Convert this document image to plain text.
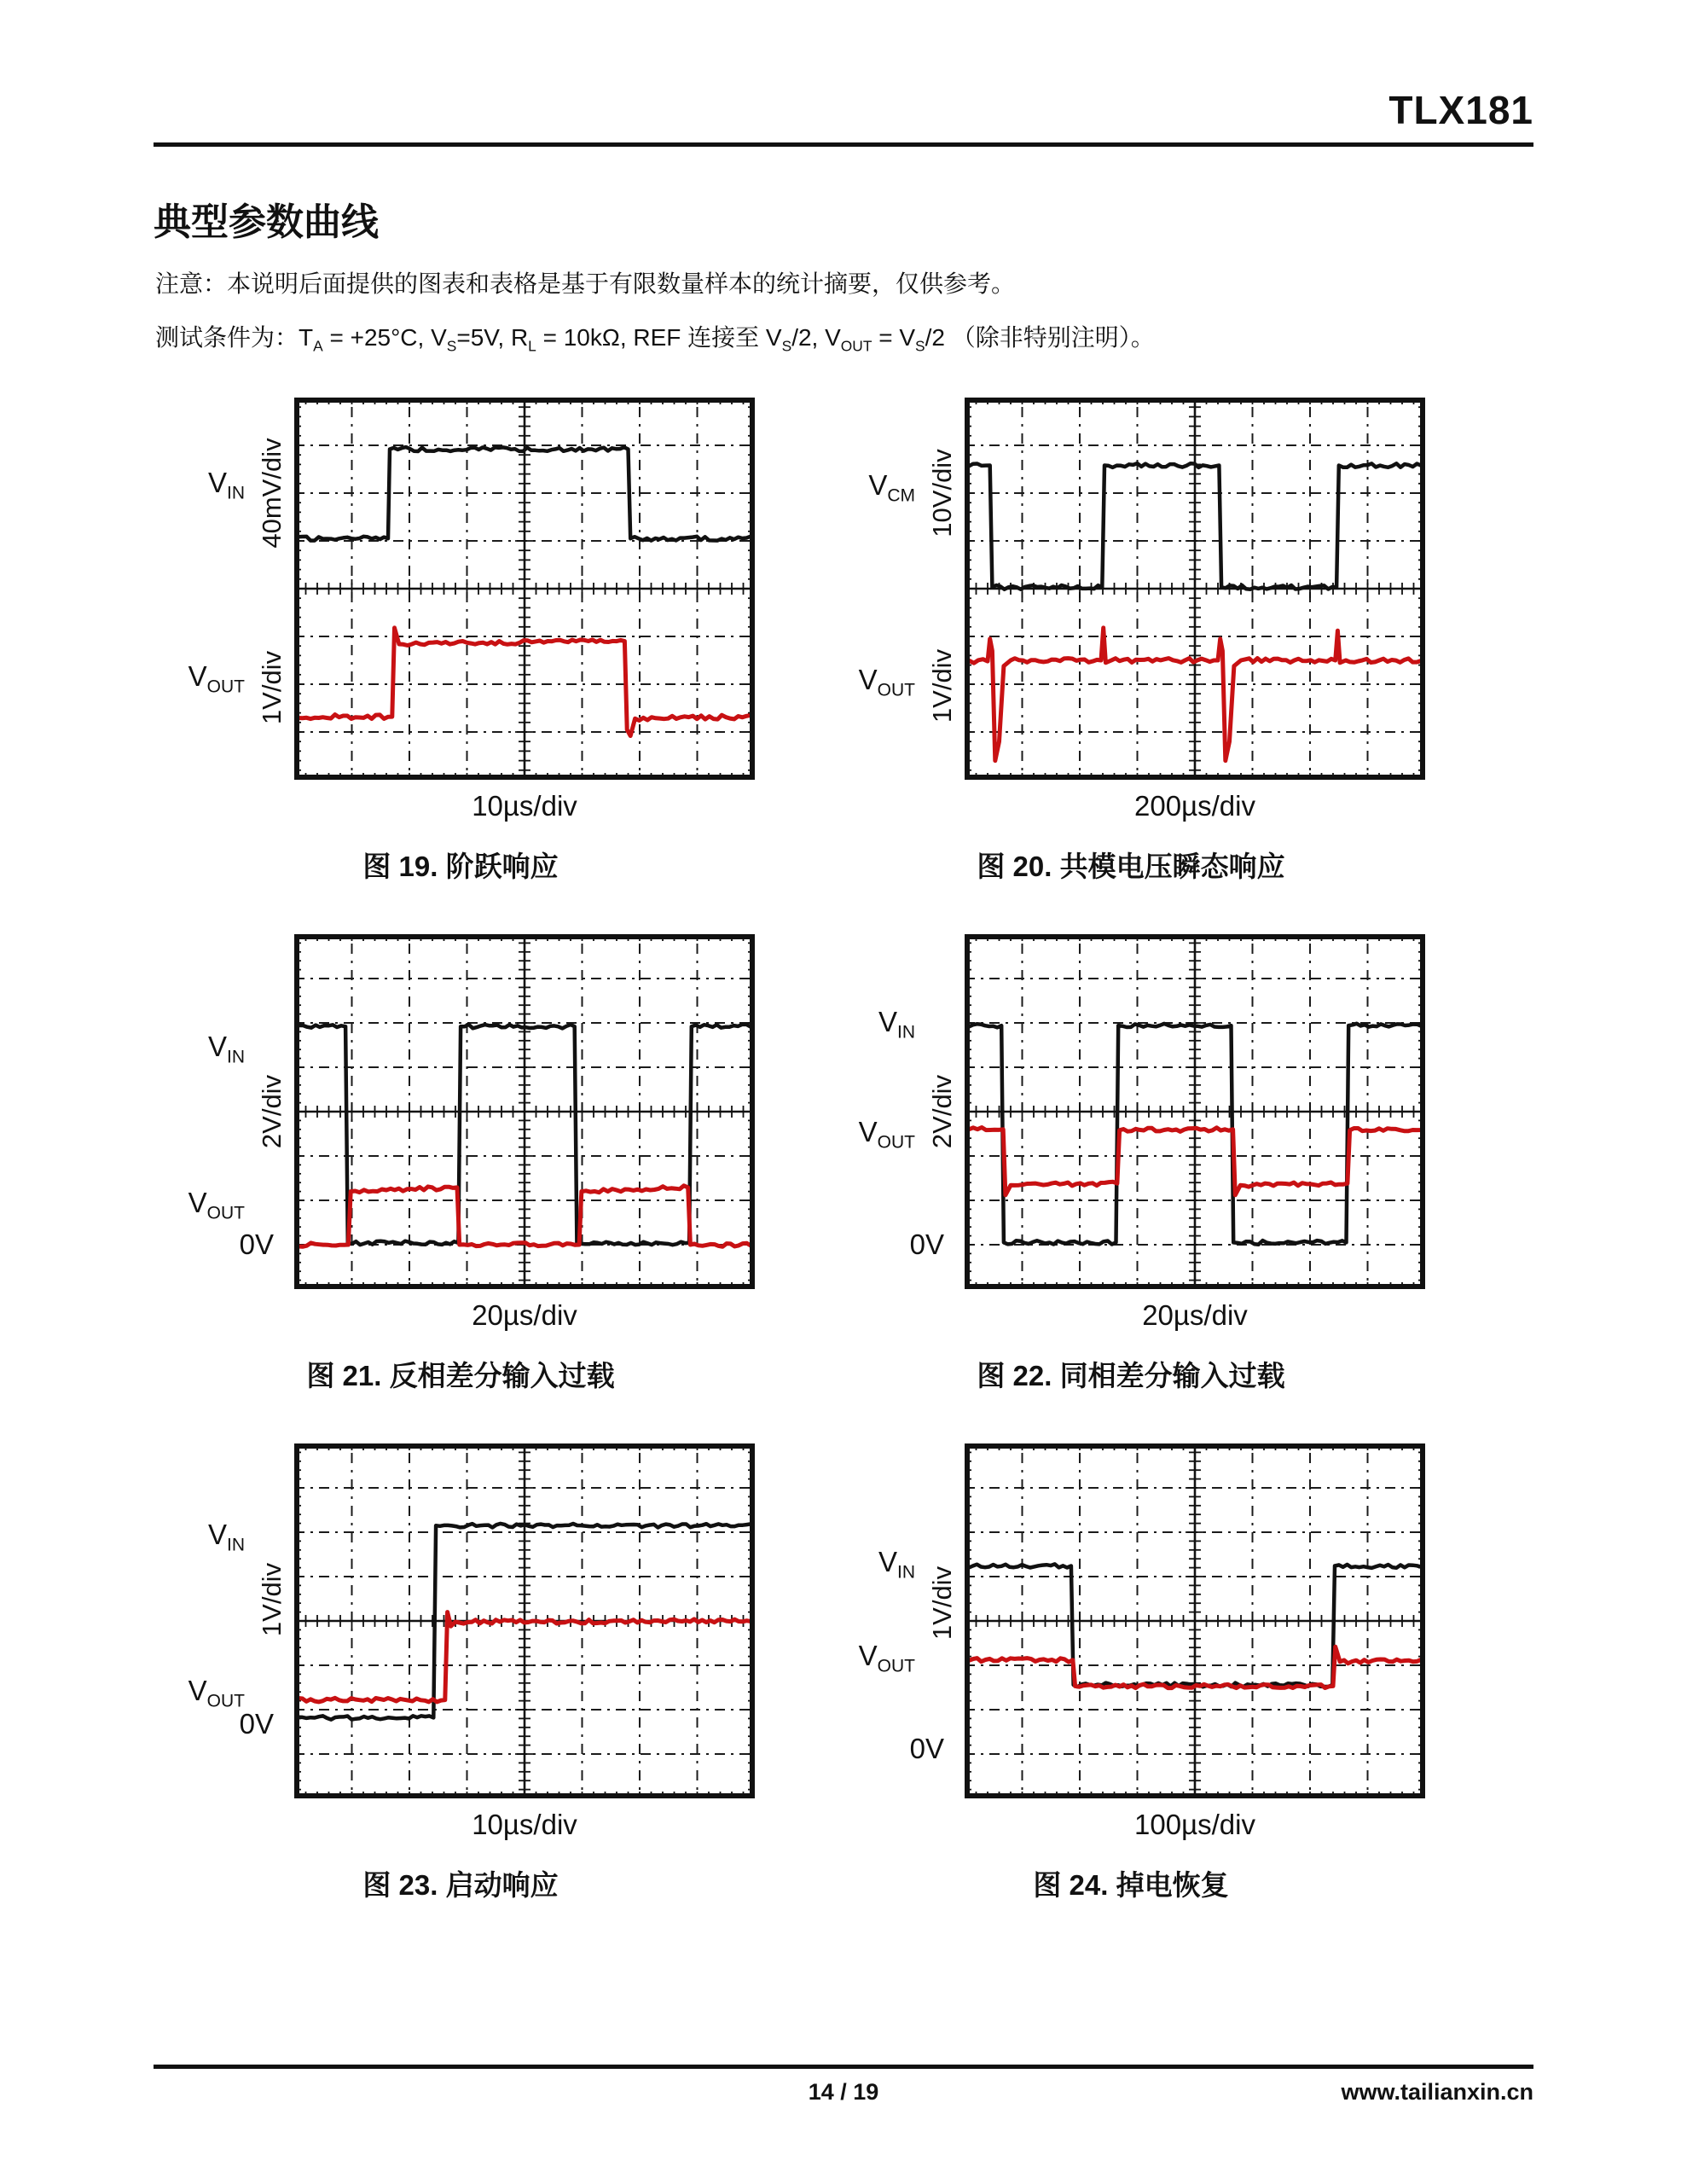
TLX181
典型参数曲线
注意：本说明后面提供的图表和表格是基于有限数量样本的统计摘要，仅供参考。
测试条件为：$T_A = +25^\circ C$, $V_S=5V$, $R_L = 10k\Omega$, REF 连接至 $V_S/2$, $V_{OUT} = V_S/2$ （除非特别注明）。
$V_{IN}$ 40mV/div
$V_{OUT}$ 1V/div
10µs/div
图 19. 阶跃响应
$V_{CM}$ 10V/div
$V_{OUT}$ 1V/div
200µs/div
图 20. 共模电压瞬态响应
$V_{IN}$
2V/div
$V_{OUT}$
0V
20µs/div
图 21. 反相差分输入过载
$V_{IN}$
2V/div
$V_{OUT}$
0V
20µs/div
图 22. 同相差分输入过载
$V_{IN}$
1V/div
$V_{OUT}$
0V
10µs/div
图 23. 启动响应
$V_{IN}$ 1V/div
$V_{OUT}$
0V
100µs/div
图 24. 掉电恢复
14 / 19	www.tailianxin.cn
